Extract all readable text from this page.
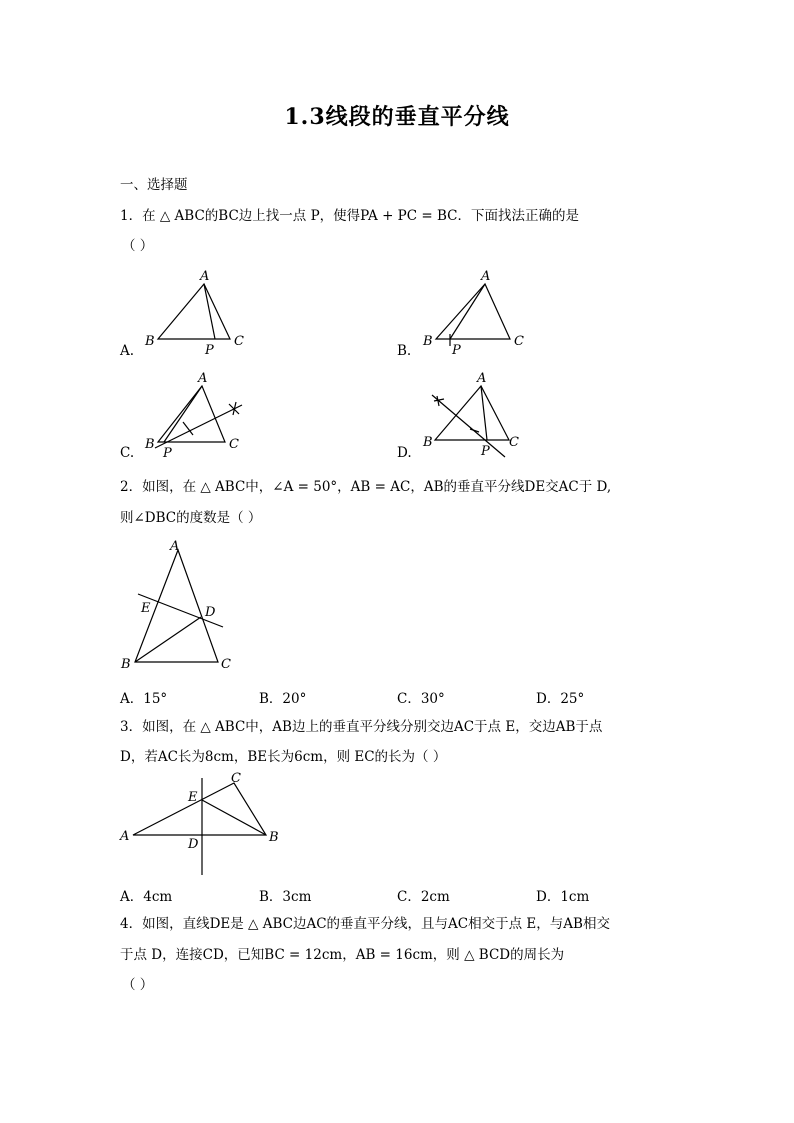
1.3线段的垂直平分线
一、选择题
1．在 △ ABC的BC边上找一点 P，使得PA + PC = BC．下面找法正确的是
（ ）
A.
A
B	C
P	B.
A
B	C
P
C.
A
B	C
P	D.
A
B	C
P
2．如图，在 △ ABC中，∠A = 50°，AB = AC，AB的垂直平分线DE交AC于 D,
则∠DBC的度数是（ ）
A
E	D
B	C
A．15°	B．20°	C．30°	D．25°
3．如图，在 △ ABC中，AB边上的垂直平分线分别交边AC于点 E，交边AB于点
D，若AC长为8cm，BE长为6cm，则 EC的长为（ ）
C
E
A	B
D
A．4cm	B．3cm	C．2cm	D．1cm
4．如图，直线DE是 △ ABC边AC的垂直平分线，且与AC相交于点 E，与AB相交
于点 D，连接CD，已知BC = 12cm，AB = 16cm，则 △ BCD的周长为
（ ）
